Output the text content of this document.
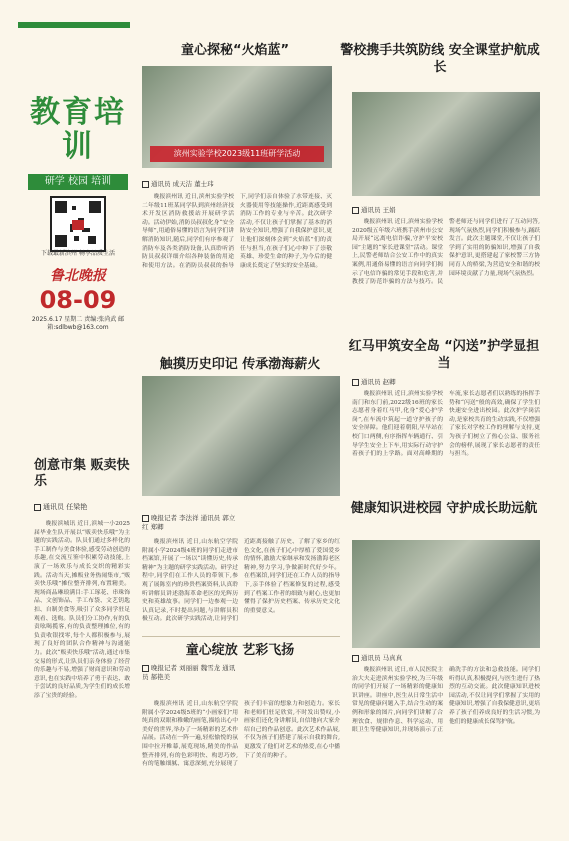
教育培训
研学 校园 培训
下载最新滨州 畅享品质生活
鲁北晚报
08-09
2025.6.17 星期二 责编:张尚武 邮箱:sdlbwb@163.com
创意市集 贩卖快乐
通讯员 任梁艳
晚报滨城讯 近日,滨城一小2025届毕业生队开展以“贩卖快乐哦”为主题的实践活动。队员们通过多样化的手工制作与美食体验,感受劳动创造的乐趣,在交流互鉴中积累劳动技能,上演了一场欢乐与成长交织的精彩实践。活动当天,摊贩业务热闹集市,“贩卖快乐哦”摊位整齐排列,布置精美。现场商品琳琅满目:手工琢花、串珠饰品、文创饰品、手工布袋、文艺钥匙扣、自制美食等,吸引了众多同学驻足观看、选购。队员们分工协作,有的负责吆喝揽客,有的负责整理摊位,有的负责收银找零,每个人都积极参与,展现了良好的团队合作精神与沟通能力。此次“贩卖快乐哦”活动,通过市集交易的形式,让队员们亲身体验了经营的乐趣与不易,增强了财商意识和劳动意识,也在实践中培养了勇于表达、敢于尝试的良好品质,为学生们的成长增添了宝贵的经验。
童心探秘“火焰蓝”
滨州实验学校2023级11班研学活动
通讯员 成天洁 董士玮
晚报滨州讯 近日,滨州实验学校二年级11班某同学队到滨州经济技术开发区消防救援站开展研学活动。活动伊始,消防员叔叔化身“安全导师”,用通俗易懂的语言为同学们讲解消防知识,随后,同学们有序参观了消防车及各类消防设备,认真聆听消防员叔叔详细介绍各种装备的用途和使用方法。在消防员叔叔的指导下,同学们亲自体验了水带连接、灭火器使用等技能操作,近距离感受到消防工作的专业与辛苦。此次研学活动,不仅让孩子们掌握了基本的消防安全知识,增强了自我保护意识,更让他们深刻体会到“火焰蓝”们的责任与担当,在孩子们心中种下了崇敬英雄、珍爱生命的种子,为今后的健康成长奠定了坚实的安全基础。
警校携手共筑防线 安全课堂护航成长
通讯员 王娟
晚报滨州讯 近日,滨州实验学校2020级五年级六班携手滨州市公安局开展“远离电信诈骗,守护平安校园”主题的“家长进课堂”活动。课堂上,民警老师结合公安工作中的真实案例,用通俗易懂的语言向同学们揭示了电信诈骗的常见手段和危害,并教授了防范诈骗的方法与技巧。民警老师还与同学们进行了互动问答,现场气氛热烈,同学们积极参与,踊跃发言。此次主题课堂,不仅让孩子们学到了实用的防骗知识,增强了自我保护意识,更搭建起了家校警三方协同育人的桥梁,为营造安全和谐的校园环境贡献了力量,现场气氛热烈。
触摸历史印记 传承渤海薪火
晚报记者 李法祥 通讯员 郭立红 郑卿
晚报滨州讯 近日,山东航空学院附属小学2024级4班的同学们走进市档案馆,开展了一场以“读懂历史,传承精神”为主题的研学实践活动。研学过程中,同学们在工作人员的带领下,参观了展陈室内的珍贵档案资料,认真聆听讲解员讲述渤海革命老区的光辉历史和英雄故事。同学们一边参观一边认真记录,不时提出问题,与讲解员积极互动。此次研学实践活动,让同学们近距离接触了历史、了解了家乡的红色文化,在孩子们心中厚植了爱国爱乡的情怀,激励大家继承和发扬渤海老区精神,努力学习,争做新时代好少年。在档案馆,同学们还在工作人员的指导下,亲手体验了档案修复的过程,感受到了档案工作者的细致与耐心,也更加懂得了保护历史档案、传承历史文化的重要意义。
红马甲筑安全岛 “闪送”护学显担当
通讯员 赵卿
晚报滨州讯 近日,滨州实验学校南门和东门前,2022级16班的家长志愿者身着红马甲,化身“爱心护学岗”,在车流中筑起一道守护孩子的安全屏障。他们迎着朝阳,早早站在校门口两侧,有序指挥车辆通行、引导学生安全上下车,用实际行动守护着孩子们的上学路。面对高峰期的车流,家长志愿者们以熟练的指挥手势和“闪送”般的高效,确保了学生们快速安全进出校园。此次护学岗活动,是家校共育的生动实践,不仅增强了家长对学校工作的理解与支持,更为孩子们树立了热心公益、服务社会的榜样,展现了家长志愿者的责任与担当。
健康知识进校园 守护成长助远航
通讯员 马真真
晚报滨州讯 近日,市人民医院主治大夫走进滨州实验学校,为三年级的同学们开展了一场精彩的健康知识讲座。讲座中,医生从日常生活中常见的健康问题入手,结合生动的案例和形象的图片,向同学们讲解了合理饮食、规律作息、科学运动、用眼卫生等健康知识,并现场演示了正确洗手的方法和急救技能。同学们听得认真,积极提问,与医生进行了热烈的互动交流。此次健康知识进校园活动,不仅让同学们掌握了实用的健康知识,增强了自我保健意识,更培养了孩子们养成良好的生活习惯,为他们的健康成长保驾护航。
童心绽放 艺彩飞扬
晚报记者 刘丽丽 魏雪龙 通讯员 郝艳美
晚报滨州讯 近日,山东航空学院附属小学2024级5班的“小画家们”用纯真的双眼和稚嫩的画笔,描绘出心中美好的世界,举办了一场精彩的艺术作品展。活动在一阵一遍,轻松愉悦的氛围中拉开帷幕,展览现场,精美的作品整齐排列,有的色彩明快、构思巧妙,有的笔触细腻、寓意深刻,充分展现了孩子们丰富的想象力和创造力。家长和老师们驻足欣赏,不时发出赞叹,小画家们还化身讲解员,自信地向大家介绍自己的作品创意。此次艺术作品展,不仅为孩子们搭建了展示自我的舞台,更激发了他们对艺术的热爱,在心中播下了美育的种子。
